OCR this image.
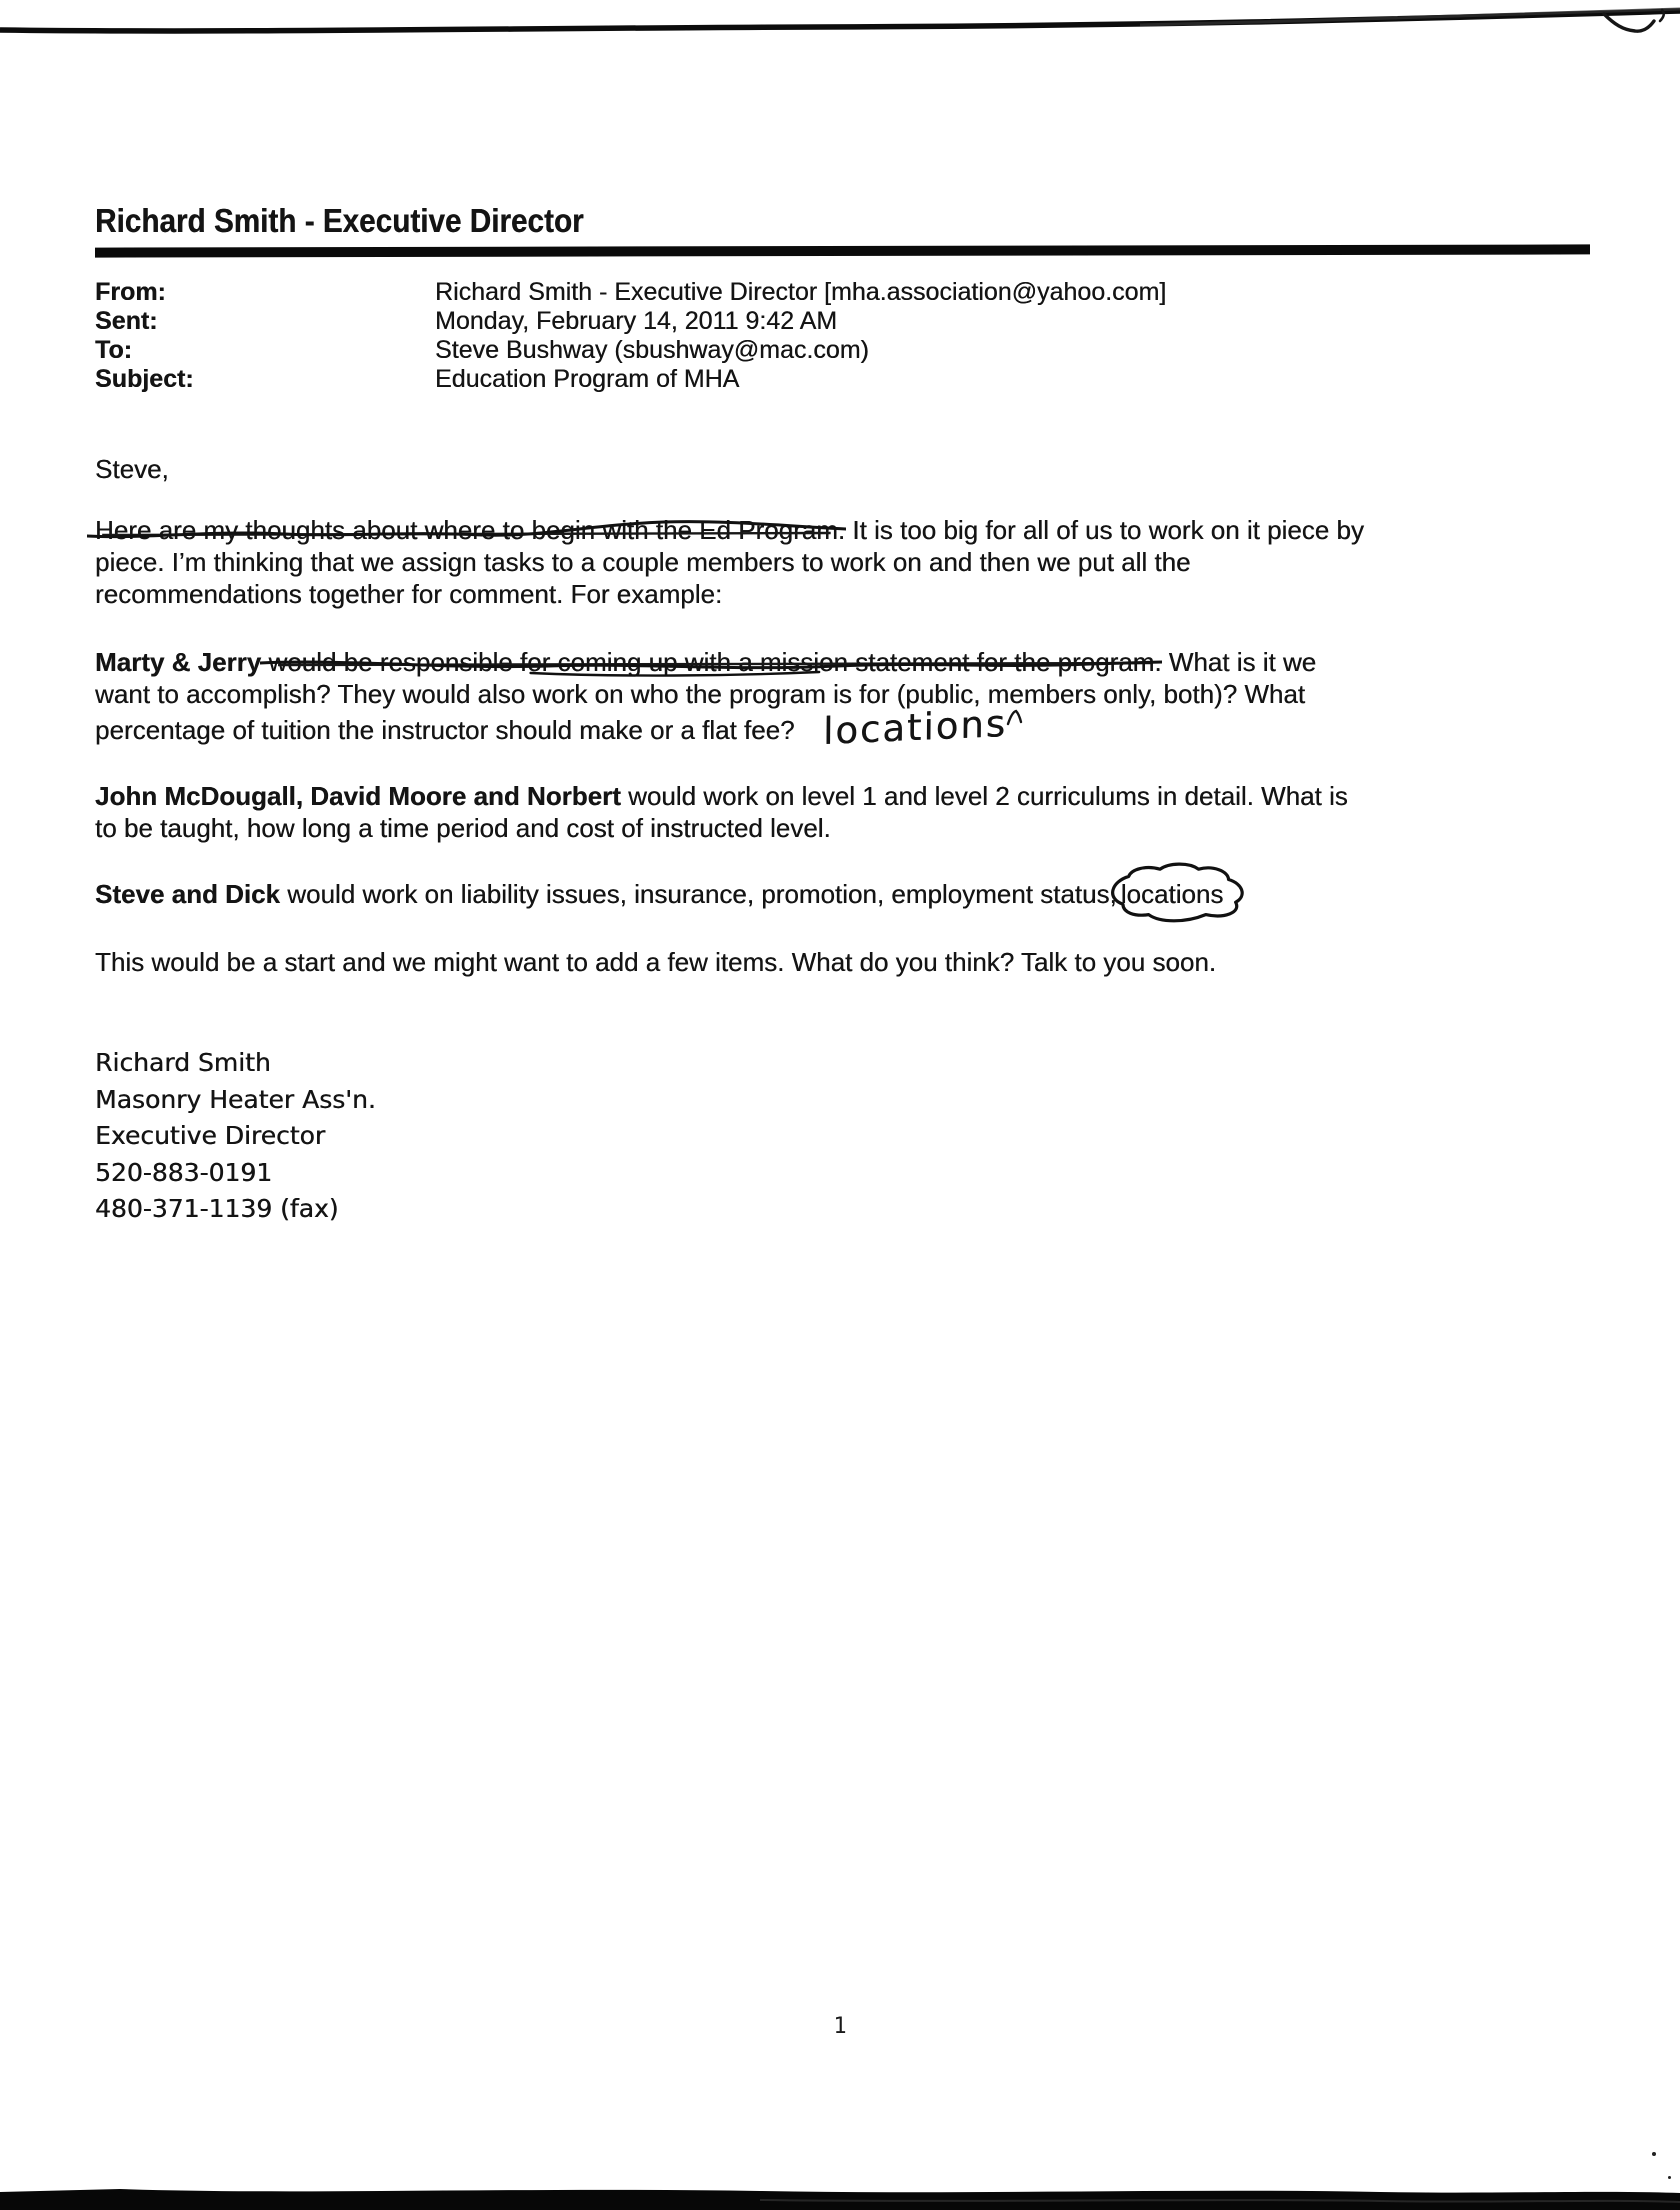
Richard Smith - Executive Director
From:	Richard Smith - Executive Director [mha.association@yahoo.com]
Sent:	Monday, February 14, 2011 9:42 AM
To:	Steve Bushway (sbushway@mac.com)
Subject:	Education Program of MHA
Steve,
Here are my thoughts about where to begin with the Ed Program. It is too big for all of us to work on it piece by
piece. I’m thinking that we assign tasks to a couple members to work on and then we put all the
recommendations together for comment. For example:
Marty & Jerry would be responsible for coming up with a mission statement for the program. What is it we
want to accomplish? They would also work on who the program is for (public, members only, both)? What
percentage of tuition the instructor should make or a flat fee? locations
John McDougall, David Moore and Norbert would work on level 1 and level 2 curriculums in detail. What is
to be taught, how long a time period and cost of instructed level.
Steve and Dick would work on liability issues, insurance, promotion, employment status, locations
This would be a start and we might want to add a few items. What do you think? Talk to you soon.
Richard Smith
Masonry Heater Ass'n.
Executive Director
520-883-0191
480-371-1139 (fax)
1
